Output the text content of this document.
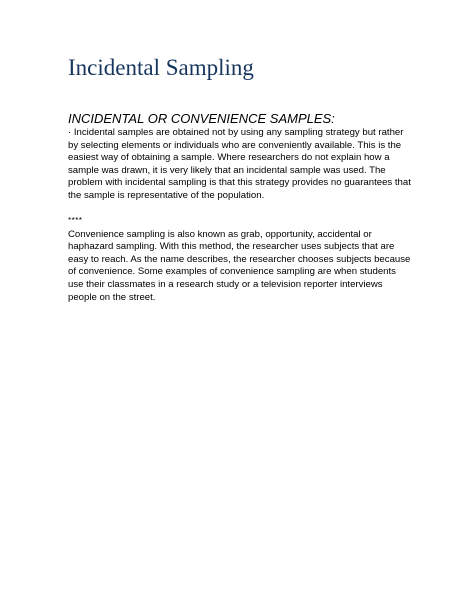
Incidental Sampling
INCIDENTAL OR CONVENIENCE SAMPLES:

· Incidental samples are obtained not by using any sampling strategy but rather by selecting elements or individuals who are conveniently available. This is the easiest way of obtaining a sample. Where researchers do not explain how a sample was drawn, it is very likely that an incidental sample was used. The problem with incidental sampling is that this strategy provides no guarantees that the sample is representative of the population.

****

Convenience sampling is also known as grab, opportunity, accidental or haphazard sampling. With this method, the researcher uses subjects that are easy to reach. As the name describes, the researcher chooses subjects because of convenience. Some examples of convenience sampling are when students use their classmates in a research study or a television reporter interviews people on the street.
